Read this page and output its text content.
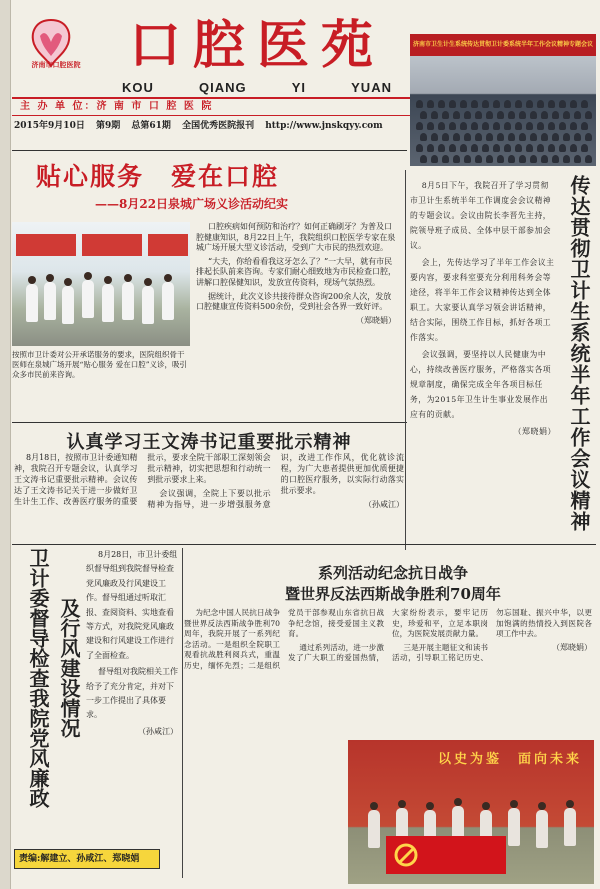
济南市口腔医院 口腔医苑
KOU	QIANG	YI	YUAN
主 办 单 位：济 南 市 口 腔 医 院
2015年9月10日 第9期 总第61期 全国优秀医院报刊 http://www.jnskqyy.com
济南市卫生计生系统传达贯彻卫计委系统半年工作会议精神专题会议
贴心服务　爱在口腔
——8月22日泉城广场义诊活动纪实
按照市卫计委对公开承诺服务的要求，医院组织骨干医师在泉城广场开展“贴心服务 爱在口腔”义诊，吸引众多市民前来咨询。

口腔疾病如何预防和治疗？如何正确刷牙？为普及口腔健康知识，8月22日上午，我院组织口腔医学专家在泉城广场开展大型义诊活动，受到广大市民的热烈欢迎。

“大夫，你给看看我这牙怎么了？”一大早，就有市民排起长队前来咨询。专家们耐心细致地为市民检查口腔，讲解口腔保健知识，发放宣传资料，现场气氛热烈。

据统计，此次义诊共接待群众咨询200余人次，发放口腔健康宣传资料500余份，受到社会各界一致好评。

（郑晓娟）
认真学习王文涛书记重要批示精神

8月18日，按照市卫计委通知精神，我院召开专题会议，认真学习王文涛书记重要批示精神。会议传达了王文涛书记关于进一步做好卫生计生工作、改善医疗服务的重要批示，要求全院干部职工深刻领会批示精神，切实把思想和行动统一到批示要求上来。

会议强调，全院上下要以批示精神为指导，进一步增强服务意识，改进工作作风，优化就诊流程，为广大患者提供更加优质便捷的口腔医疗服务，以实际行动落实批示要求。

（孙咸江）	传达贯彻卫计生系统半年工作会议精神

8月5日下午，我院召开了学习贯彻市卫计生系统半年工作调度会会议精神的专题会议。会议由院长李晋先主持，院领导班子成员、全体中层干部参加会议。

会上，先传达学习了半年工作会议主要内容，要求科室要充分利用科务会等途径，将半年工作会议精神传达到全体职工。大家要认真学习领会讲话精神，结合实际，围绕工作目标，抓好各项工作落实。

会议强调，要坚持以人民健康为中心，持续改善医疗服务，严格落实各项规章制度，确保完成全年各项目标任务，为2015年卫生计生事业发展作出应有的贡献。

（郑晓娟）
卫计委督导检查我院党风廉政 及行风建设情况

8月28日，市卫计委组织督导组到我院督导检查党风廉政及行风建设工作。督导组通过听取汇报、查阅资料、实地查看等方式，对我院党风廉政建设和行风建设工作进行了全面检查。

督导组对我院相关工作给予了充分肯定，并对下一步工作提出了具体要求。

（孙咸江）
责编:解建立、孙咸江、郑晓娟
系列活动纪念抗日战争
暨世界反法西斯战争胜利70周年

为纪念中国人民抗日战争暨世界反法西斯战争胜利70周年，我院开展了一系列纪念活动。一是组织全院职工观看抗战胜利阅兵式，重温历史，缅怀先烈；二是组织党员干部参观山东省抗日战争纪念馆，接受爱国主义教育。

通过系列活动，进一步激发了广大职工的爱国热情，大家纷纷表示，要牢记历史，珍爱和平，立足本职岗位，为医院发展贡献力量。

三是开展主题征文和读书活动，引导职工铭记历史、勿忘国耻、振兴中华，以更加饱满的热情投入到医院各项工作中去。

（郑晓娟）
以史为鉴　面向未来
